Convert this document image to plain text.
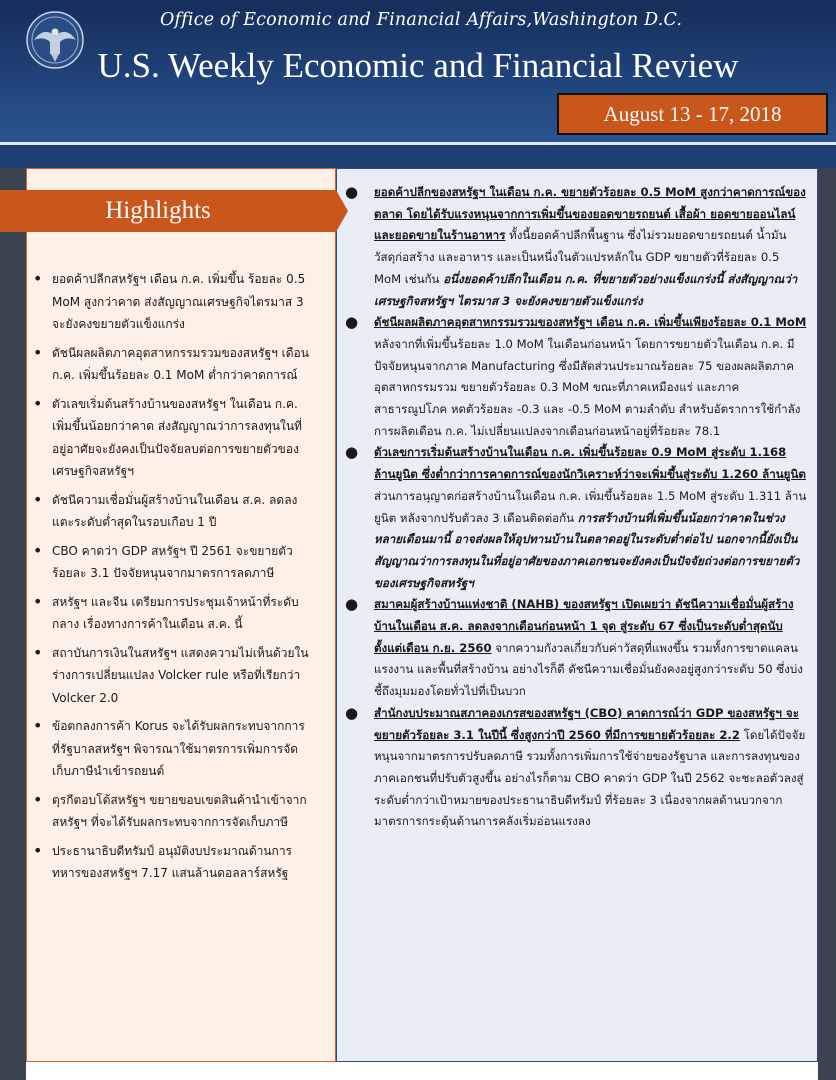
Office of Economic and Financial Affairs,Washington D.C.
U.S. Weekly Economic and Financial Review
August 13 - 17, 2018
Highlights
• ยอดค้าปลีกสหรัฐฯ เดือน ก.ค. เพิ่มขึ้น ร้อยละ 0.5 MoM สูงกว่าคาด ส่งสัญญาณเศรษฐกิจไตรมาส 3 จะยังคงขยายตัวแข็งแกร่ง
• ดัชนีผลผลิตภาคอุตสาหกรรมรวมของสหรัฐฯ เดือน ก.ค. เพิ่มขึ้นร้อยละ 0.1 MoM ต่ำกว่าคาดการณ์
• ตัวเลขเริ่มต้นสร้างบ้านของสหรัฐฯ ในเดือน ก.ค. เพิ่มขึ้นน้อยกว่าคาด ส่งสัญญาณว่าการลงทุนในที่อยู่อาศัยจะยังคงเป็นปัจจัยลบต่อการขยายตัวของเศรษฐกิจสหรัฐฯ
• ดัชนีความเชื่อมั่นผู้สร้างบ้านในเดือน ส.ค. ลดลงแตะระดับต่ำสุดในรอบเกือบ 1 ปี
• CBO คาดว่า GDP สหรัฐฯ ปี 2561 จะขยายตัวร้อยละ 3.1 ปัจจัยหนุนจากมาตรการลดภาษี
• สหรัฐฯ และจีน เตรียมการประชุมเจ้าหน้าที่ระดับกลาง เรื่องทางการค้าในเดือน ส.ค. นี้
• สถาบันการเงินในสหรัฐฯ แสดงความไม่เห็นด้วยในร่างการเปลี่ยนแปลง Volcker rule หรือที่เรียกว่า Volcker 2.0
• ข้อตกลงการค้า Korus จะได้รับผลกระทบจากการที่รัฐบาลสหรัฐฯ พิจารณาใช้มาตรการเพิ่มการจัดเก็บภาษีนำเข้ารถยนต์
• ตุรกีตอบโต้สหรัฐฯ ขยายขอบเขตสินค้านำเข้าจากสหรัฐฯ ที่จะได้รับผลกระทบจากการจัดเก็บภาษี
• ประธานาธิบดีทรัมป์ อนุมัติงบประมาณด้านการทหารของสหรัฐฯ 7.17 แสนล้านดอลลาร์สหรัฐ

● ยอดค้าปลีกของสหรัฐฯ ในเดือน ก.ค. ขยายตัวร้อยละ 0.5 MoM สูงกว่าคาดการณ์ของตลาด โดยได้รับแรงหนุนจากการเพิ่มขึ้นของยอดขายรถยนต์ เสื้อผ้า ยอดขายออนไลน์ และยอดขายในร้านอาหาร ทั้งนี้ยอดค้าปลีกพื้นฐาน ซึ่งไม่รวมยอดขายรถยนต์ น้ำมัน วัสดุก่อสร้าง และอาหาร และเป็นหนึ่งในตัวแปรหลักใน GDP ขยายตัวที่ร้อยละ 0.5 MoM เช่นกัน อนึ่งยอดค้าปลีกในเดือน ก.ค. ที่ขยายตัวอย่างแข็งแกร่งนี้ ส่งสัญญาณว่าเศรษฐกิจสหรัฐฯ ไตรมาส 3 จะยังคงขยายตัวแข็งแกร่ง

● ดัชนีผลผลิตภาคอุตสาหกรรมรวมของสหรัฐฯ เดือน ก.ค. เพิ่มขึ้นเพียงร้อยละ 0.1 MoM หลังจากที่เพิ่มขึ้นร้อยละ 1.0 MoM ในเดือนก่อนหน้า โดยการขยายตัวในเดือน ก.ค. มีปัจจัยหนุนจากภาค Manufacturing ซึ่งมีสัดส่วนประมาณร้อยละ 75 ของผลผลิตภาคอุตสาหกรรมรวม ขยายตัวร้อยละ 0.3 MoM ขณะที่ภาคเหมืองแร่ และภาคสาธารณูปโภค หดตัวร้อยละ -0.3 และ -0.5 MoM ตามลำดับ สำหรับอัตราการใช้กำลังการผลิตเดือน ก.ค. ไม่เปลี่ยนแปลงจากเดือนก่อนหน้าอยู่ที่ร้อยละ 78.1

● ตัวเลขการเริ่มต้นสร้างบ้านในเดือน ก.ค. เพิ่มขึ้นร้อยละ 0.9 MoM สู่ระดับ 1.168 ล้านยูนิต ซึ่งต่ำกว่าการคาดการณ์ของนักวิเคราะห์ว่าจะเพิ่มขึ้นสู่ระดับ 1.260 ล้านยูนิต ส่วนการอนุญาตก่อสร้างบ้านในเดือน ก.ค. เพิ่มขึ้นร้อยละ 1.5 MoM สู่ระดับ 1.311 ล้านยูนิต หลังจากปรับตัวลง 3 เดือนติดต่อกัน การสร้างบ้านที่เพิ่มขึ้นน้อยกว่าคาดในช่วงหลายเดือนมานี้ อาจส่งผลให้อุปทานบ้านในตลาดอยู่ในระดับต่ำต่อไป นอกจากนี้ยังเป็นสัญญาณว่าการลงทุนในที่อยู่อาศัยของภาคเอกชนจะยังคงเป็นปัจจัยถ่วงต่อการขยายตัวของเศรษฐกิจสหรัฐฯ

● สมาคมผู้สร้างบ้านแห่งชาติ (NAHB) ของสหรัฐฯ เปิดเผยว่า ดัชนีความเชื่อมั่นผู้สร้างบ้านในเดือน ส.ค. ลดลงจากเดือนก่อนหน้า 1 จุด สู่ระดับ 67 ซึ่งเป็นระดับต่ำสุดนับตั้งแต่เดือน ก.ย. 2560 จากความกังวลเกี่ยวกับค่าวัสดุที่แพงขึ้น รวมทั้งการขาดแคลนแรงงาน และพื้นที่สร้างบ้าน อย่างไรก็ดี ดัชนีความเชื่อมั่นยังคงอยู่สูงกว่าระดับ 50 ซึ่งบ่งชี้ถึงมุมมองโดยทั่วไปที่เป็นบวก

● สำนักงบประมาณสภาคองเกรสของสหรัฐฯ (CBO) คาดการณ์ว่า GDP ของสหรัฐฯ จะขยายตัวร้อยละ 3.1 ในปีนี้ ซึ่งสูงกว่าปี 2560 ที่มีการขยายตัวร้อยละ 2.2 โดยได้ปัจจัยหนุนจากมาตรการปรับลดภาษี รวมทั้งการเพิ่มการใช้จ่ายของรัฐบาล และการลงทุนของภาคเอกชนที่ปรับตัวสูงขึ้น อย่างไรก็ตาม CBO คาดว่า GDP ในปี 2562 จะชะลอตัวลงสู่ระดับต่ำกว่าเป้าหมายของประธานาธิบดีทรัมป์ ที่ร้อยละ 3 เนื่องจากผลด้านบวกจากมาตรการกระตุ้นด้านการคลังเริ่มอ่อนแรงลง
